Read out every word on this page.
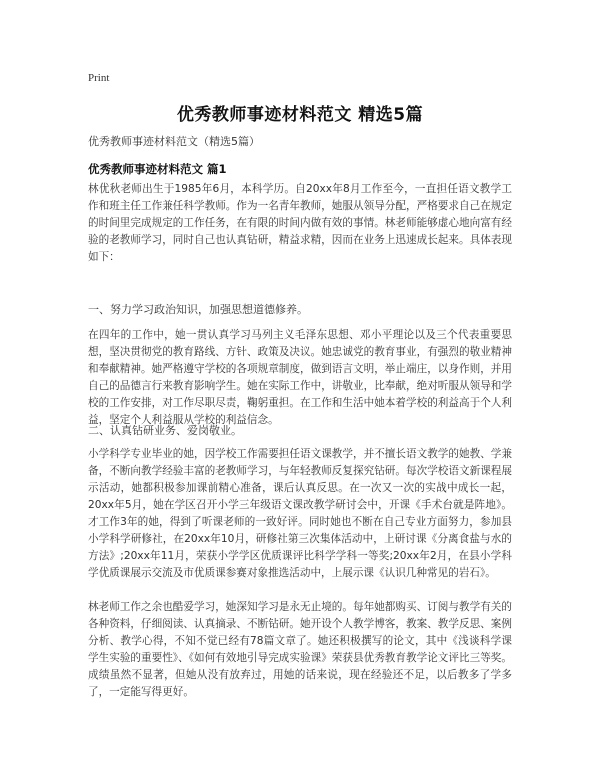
Print
优秀教师事迹材料范文 精选5篇
优秀教师事迹材料范文（精选5篇）
优秀教师事迹材料范文 篇1

林优秋老师出生于1985年6月，本科学历。自20xx年8月工作至今，一直担任语文教学工作和班主任工作兼任科学教师。作为一名青年教师，她服从领导分配，严格要求自己在规定的时间里完成规定的工作任务，在有限的时间内做有效的事情。林老师能够虚心地向富有经验的老教师学习，同时自己也认真钻研，精益求精，因而在业务上迅速成长起来。具体表现如下：

一、努力学习政治知识，加强思想道德修养。

在四年的工作中，她一贯认真学习马列主义毛泽东思想、邓小平理论以及三个代表重要思想，坚决贯彻党的教育路线、方针、政策及决议。她忠诚党的教育事业，有强烈的敬业精神和奉献精神。她严格遵守学校的各项规章制度，做到语言文明，举止端庄，以身作则，并用自己的品德言行来教育影响学生。她在实际工作中，讲敬业，比奉献，绝对听服从领导和学校的工作安排，对工作尽职尽责，鞠躬重担。在工作和生活中她本着学校的利益高于个人利益，坚定个人利益服从学校的利益信念。

二、认真钻研业务、爱岗敬业。

小学科学专业毕业的她，因学校工作需要担任语文课教学，并不擅长语文教学的她教、学兼备，不断向教学经验丰富的老教师学习，与年轻教师反复探究钻研。每次学校语文新课程展示活动，她都积极参加课前精心准备，课后认真反思。在一次又一次的实战中成长一起，20xx年5月，她在学区召开小学三年级语文课改教学研讨会中，开课《手术台就是阵地》。才工作3年的她，得到了听课老师的一致好评。同时她也不断在自己专业方面努力，参加县小学科学研修社，在20xx年10月，研修社第三次集体活动中，上研讨课《分离食盐与水的方法》;20xx年11月，荣获小学学区优质课评比科学学科一等奖;20xx年2月，在县小学科学优质课展示交流及市优质课参赛对象推选活动中，上展示课《认识几种常见的岩石》。

林老师工作之余也酷爱学习，她深知学习是永无止境的。每年她都购买、订阅与教学有关的各种资料，仔细阅读、认真摘录、不断钻研。她开设个人教学博客，教案、教学反思、案例分析、教学心得，不知不觉已经有78篇文章了。她还积极撰写的论文，其中《浅谈科学课学生实验的重要性》、《如何有效地引导完成实验课》荣获县优秀教育教学论文评比三等奖。成绩虽然不显著，但她从没有放弃过，用她的话来说，现在经验还不足，以后教多了学多了，一定能写得更好。
